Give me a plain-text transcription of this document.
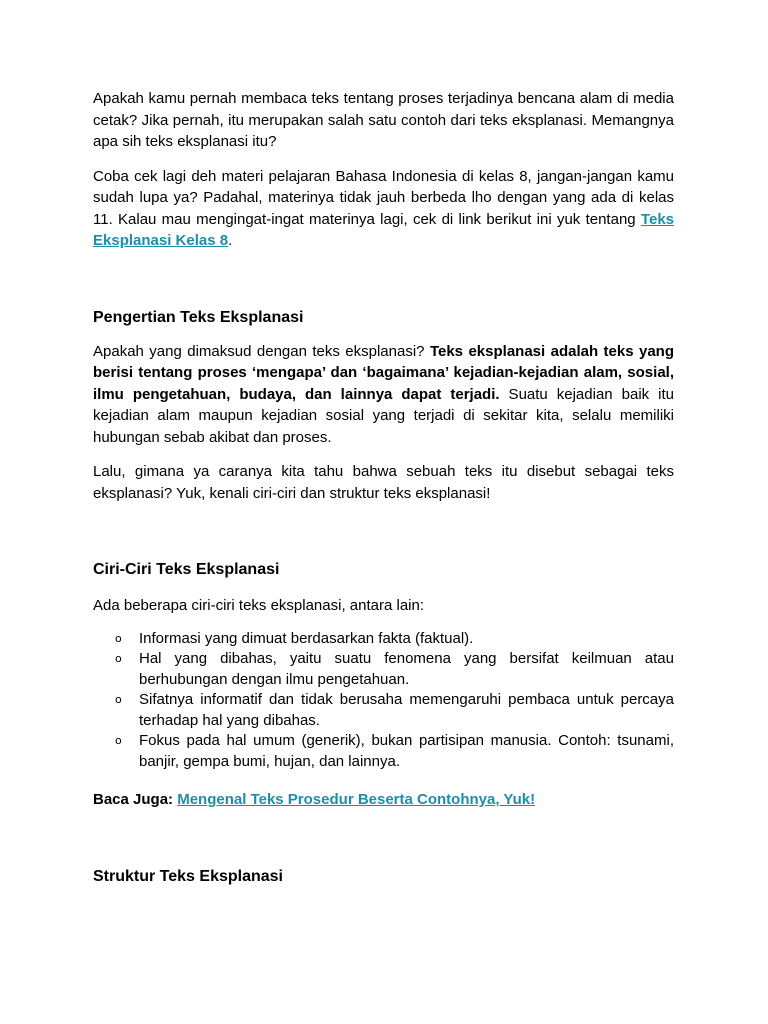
Apakah kamu pernah membaca teks tentang proses terjadinya bencana alam di media cetak? Jika pernah, itu merupakan salah satu contoh dari teks eksplanasi. Memangnya apa sih teks eksplanasi itu?

Coba cek lagi deh materi pelajaran Bahasa Indonesia di kelas 8, jangan-jangan kamu sudah lupa ya? Padahal, materinya tidak jauh berbeda lho dengan yang ada di kelas 11. Kalau mau mengingat-ingat materinya lagi, cek di link berikut ini yuk tentang Teks Eksplanasi Kelas 8.

Pengertian Teks Eksplanasi

Apakah yang dimaksud dengan teks eksplanasi? Teks eksplanasi adalah teks yang berisi tentang proses ‘mengapa’ dan ‘bagaimana’ kejadian-kejadian alam, sosial, ilmu pengetahuan, budaya, dan lainnya dapat terjadi. Suatu kejadian baik itu kejadian alam maupun kejadian sosial yang terjadi di sekitar kita, selalu memiliki hubungan sebab akibat dan proses.

Lalu, gimana ya caranya kita tahu bahwa sebuah teks itu disebut sebagai teks eksplanasi? Yuk, kenali ciri-ciri dan struktur teks eksplanasi!

Ciri-Ciri Teks Eksplanasi

Ada beberapa ciri-ciri teks eksplanasi, antara lain:

o Informasi yang dimuat berdasarkan fakta (faktual).
o Hal yang dibahas, yaitu suatu fenomena yang bersifat keilmuan atau berhubungan dengan ilmu pengetahuan.
o Sifatnya informatif dan tidak berusaha memengaruhi pembaca untuk percaya terhadap hal yang dibahas.
o Fokus pada hal umum (generik), bukan partisipan manusia. Contoh: tsunami, banjir, gempa bumi, hujan, dan lainnya.

Baca Juga: Mengenal Teks Prosedur Beserta Contohnya, Yuk!

Struktur Teks Eksplanasi
